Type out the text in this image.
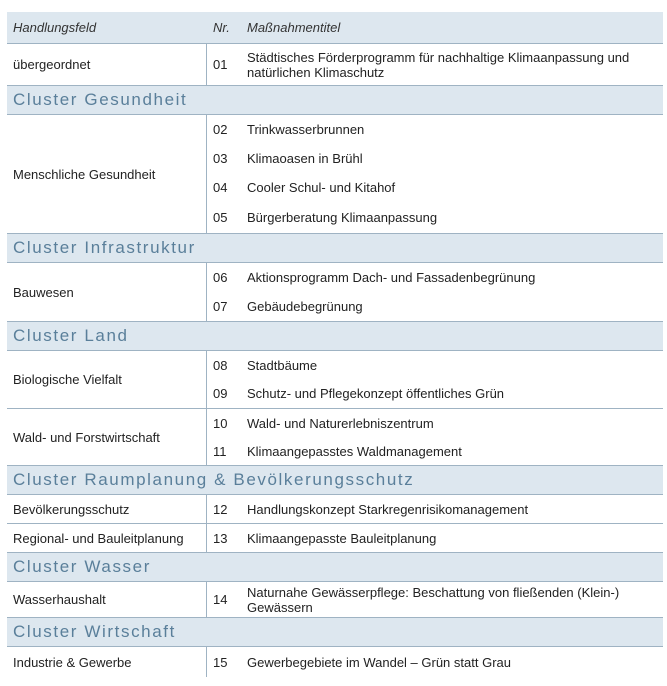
Handlungsfeld	Nr.	Maßnahmentitel
übergeordnet	01	Städtisches Förderprogramm für nachhaltige Klimaanpassung und natürlichen Klimaschutz
Cluster Gesundheit
Menschliche Gesundheit
02	Trinkwasserbrunnen
03	Klimaoasen in Brühl
04	Cooler Schul- und Kitahof
05	Bürgerberatung Klimaanpassung
Cluster Infrastruktur
Bauwesen
06	Aktionsprogramm Dach- und Fassadenbegrünung
07	Gebäudebegrünung
Cluster Land
Biologische Vielfalt
08	Stadtbäume
09	Schutz- und Pflegekonzept öffentliches Grün
Wald- und Forstwirtschaft
10	Wald- und Naturerlebniszentrum
11	Klimaangepasstes Waldmanagement
Cluster Raumplanung & Bevölkerungsschutz
Bevölkerungsschutz	12	Handlungskonzept Starkregenrisikomanagement
Regional- und Bauleitplanung	13	Klimaangepasste Bauleitplanung
Cluster Wasser
Wasserhaushalt	14	Naturnahe Gewässerpflege: Beschattung von fließenden (Klein-) Gewässern
Cluster Wirtschaft
Industrie & Gewerbe	15	Gewerbegebiete im Wandel – Grün statt Grau
